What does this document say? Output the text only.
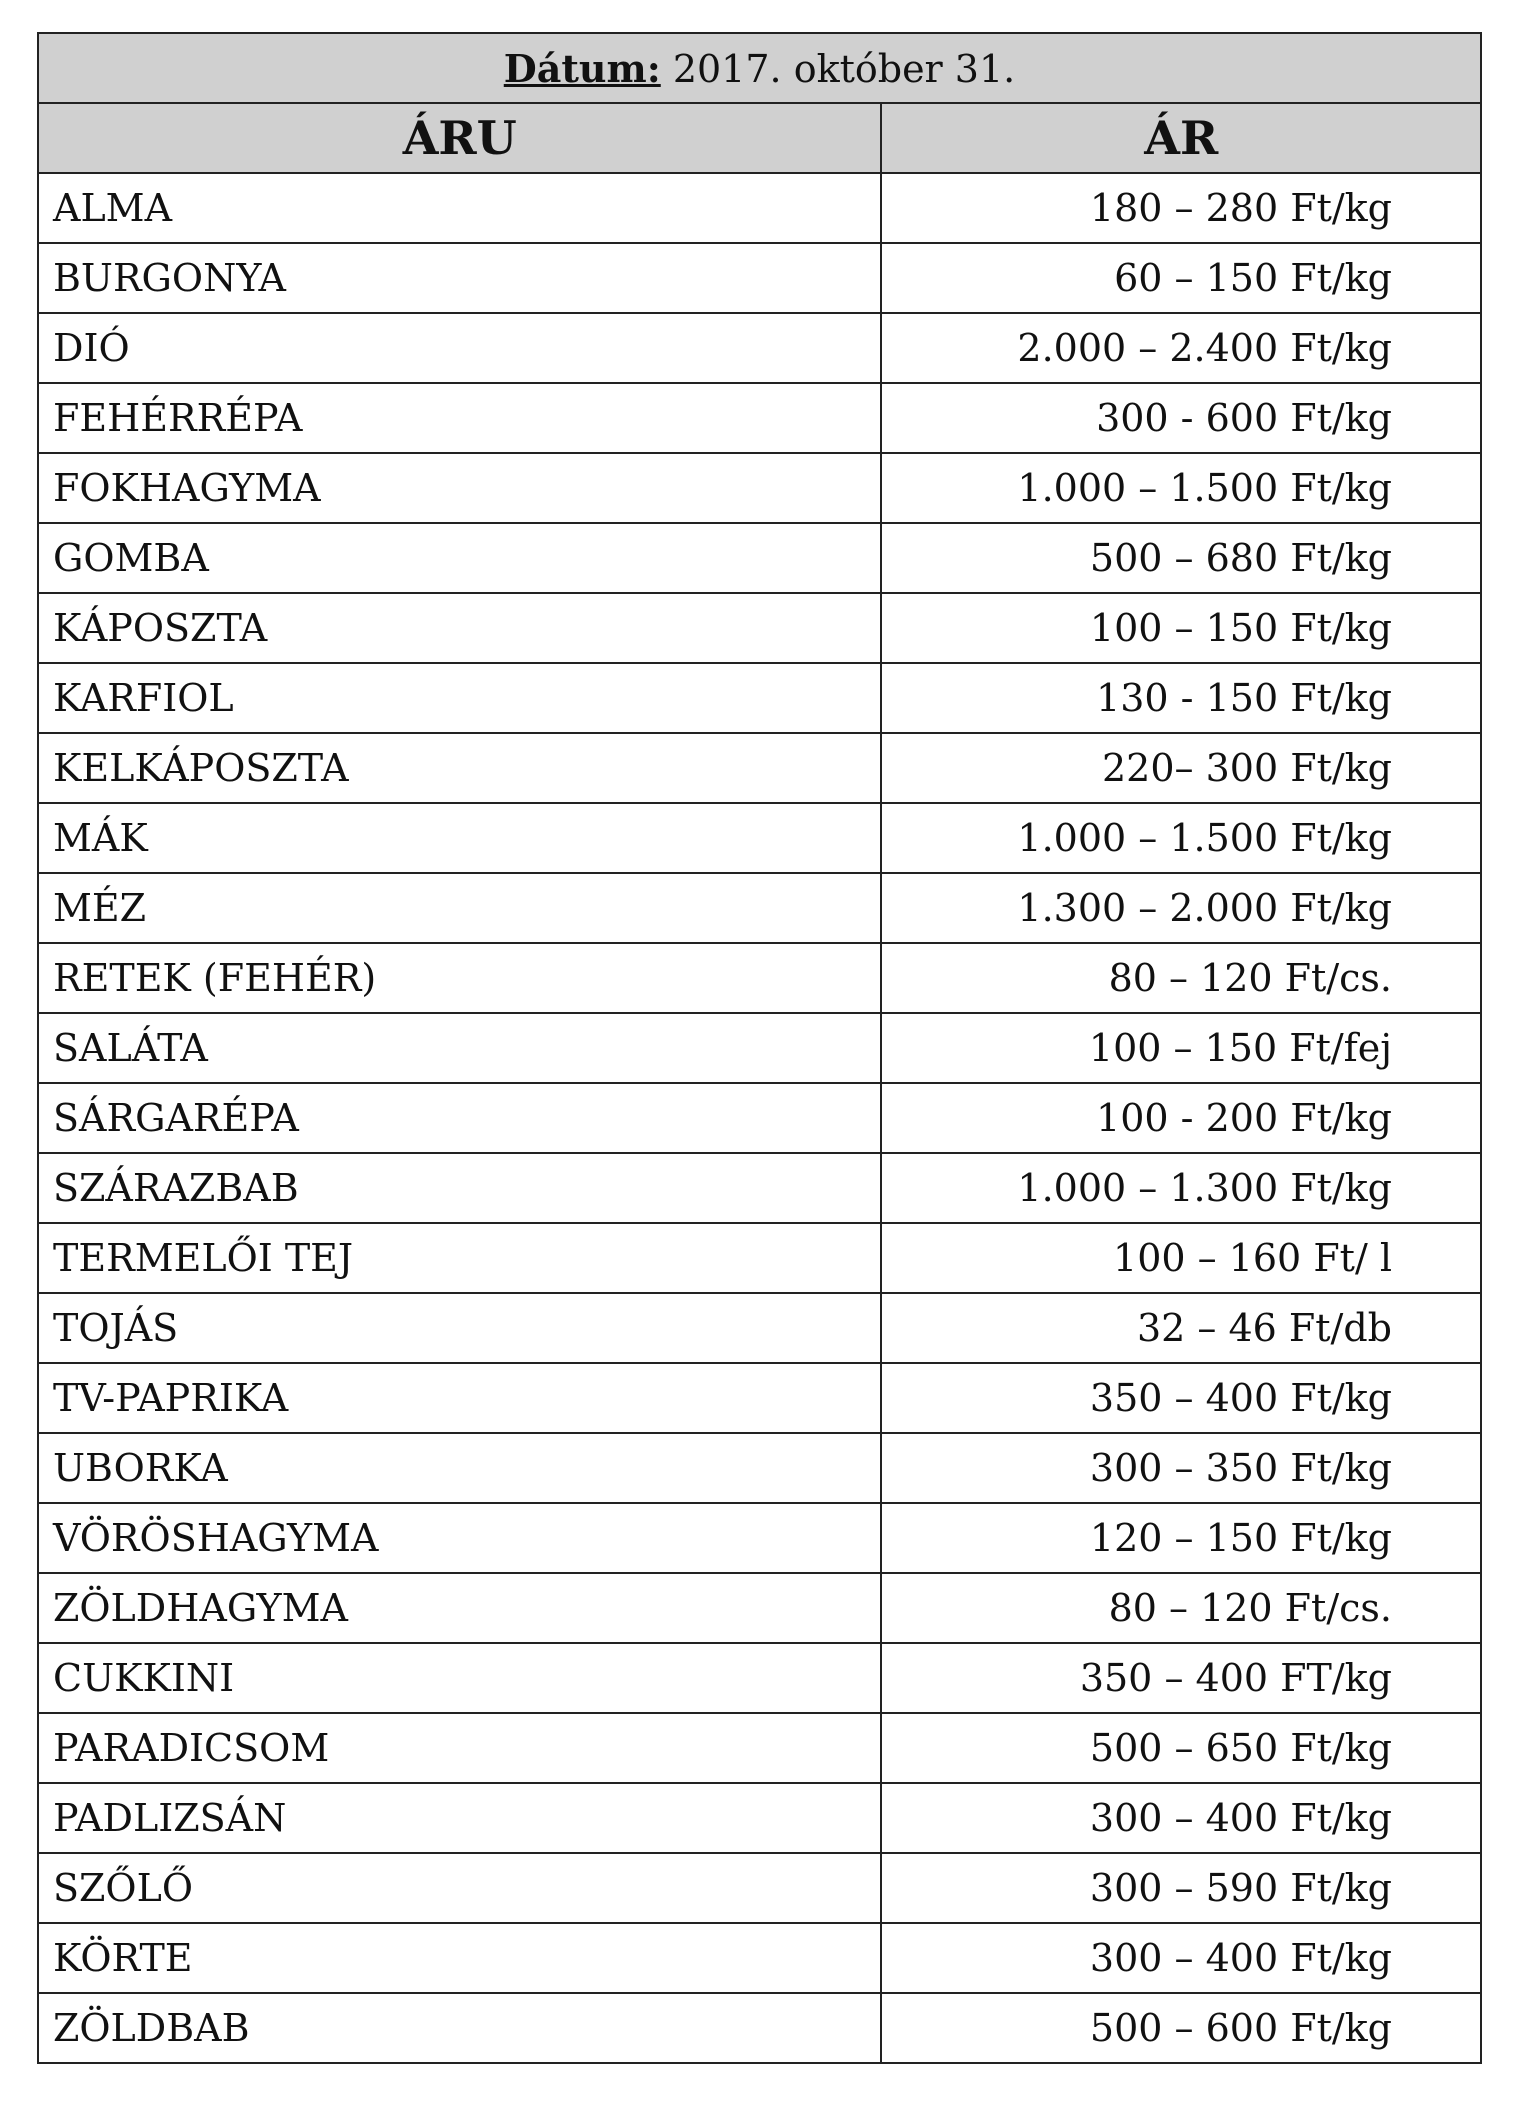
Dátum: 2017. október 31.	
ÁRU	ÁR
ALMA	180 – 280 Ft/kg
BURGONYA	60 – 150 Ft/kg
DIÓ	2.000 – 2.400 Ft/kg
FEHÉRRÉPA	300 - 600 Ft/kg
FOKHAGYMA	1.000 – 1.500 Ft/kg
GOMBA	500 – 680 Ft/kg
KÁPOSZTA	100 – 150 Ft/kg
KARFIOL	130 - 150 Ft/kg
KELKÁPOSZTA	220– 300 Ft/kg
MÁK	1.000 – 1.500 Ft/kg
MÉZ	1.300 – 2.000 Ft/kg
RETEK (FEHÉR)	80 – 120 Ft/cs.
SALÁTA	100 – 150 Ft/fej
SÁRGARÉPA	100 - 200 Ft/kg
SZÁRAZBAB	1.000 – 1.300 Ft/kg
TERMELŐI TEJ	100 – 160 Ft/ l
TOJÁS	32 – 46 Ft/db
TV-PAPRIKA	350 – 400 Ft/kg
UBORKA	300 – 350 Ft/kg
VÖRÖSHAGYMA	120 – 150 Ft/kg
ZÖLDHAGYMA	80 – 120 Ft/cs.
CUKKINI	350 – 400 FT/kg
PARADICSOM	500 – 650 Ft/kg
PADLIZSÁN	300 – 400 Ft/kg
SZŐLŐ	300 – 590 Ft/kg
KÖRTE	300 – 400 Ft/kg
ZÖLDBAB	500 – 600 Ft/kg
